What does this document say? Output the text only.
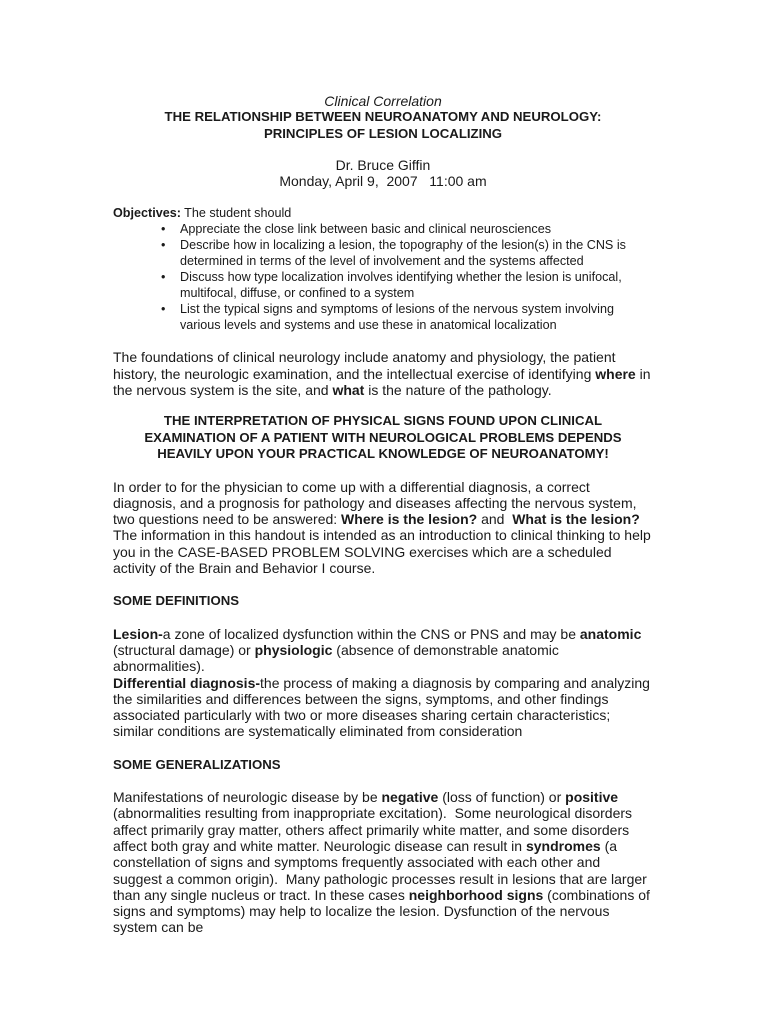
Clinical Correlation
THE RELATIONSHIP BETWEEN NEUROANATOMY AND NEUROLOGY:
PRINCIPLES OF LESION LOCALIZING
Dr. Bruce Giffin
Monday, April 9,  2007   11:00 am
Objectives: The student should
• Appreciate the close link between basic and clinical neurosciences
• Describe how in localizing a lesion, the topography of the lesion(s) in the CNS is determined in terms of the level of involvement and the systems affected
• Discuss how type localization involves identifying whether the lesion is unifocal, multifocal, diffuse, or confined to a system
• List the typical signs and symptoms of lesions of the nervous system involving various levels and systems and use these in anatomical localization

The foundations of clinical neurology include anatomy and physiology, the patient history, the neurologic examination, and the intellectual exercise of identifying where in the nervous system is the site, and what is the nature of the pathology.

THE INTERPRETATION OF PHYSICAL SIGNS FOUND UPON CLINICAL EXAMINATION OF A PATIENT WITH NEUROLOGICAL PROBLEMS DEPENDS HEAVILY UPON YOUR PRACTICAL KNOWLEDGE OF NEUROANATOMY!

In order to for the physician to come up with a differential diagnosis, a correct diagnosis, and a prognosis for pathology and diseases affecting the nervous system, two questions need to be answered: Where is the lesion? and  What is the lesion?  The information in this handout is intended as an introduction to clinical thinking to help you in the CASE-BASED PROBLEM SOLVING exercises which are a scheduled activity of the Brain and Behavior I course.

SOME DEFINITIONS

Lesion-a zone of localized dysfunction within the CNS or PNS and may be anatomic (structural damage) or physiologic (absence of demonstrable anatomic abnormalities).
Differential diagnosis-the process of making a diagnosis by comparing and analyzing the similarities and differences between the signs, symptoms, and other findings associated particularly with two or more diseases sharing certain characteristics; similar conditions are systematically eliminated from consideration

SOME GENERALIZATIONS

Manifestations of neurologic disease by be negative (loss of function) or positive (abnormalities resulting from inappropriate excitation).  Some neurological disorders affect primarily gray matter, others affect primarily white matter, and some disorders affect both gray and white matter. Neurologic disease can result in syndromes (a constellation of signs and symptoms frequently associated with each other and suggest a common origin).  Many pathologic processes result in lesions that are larger than any single nucleus or tract. In these cases neighborhood signs (combinations of signs and symptoms) may help to localize the lesion. Dysfunction of the nervous system can be
